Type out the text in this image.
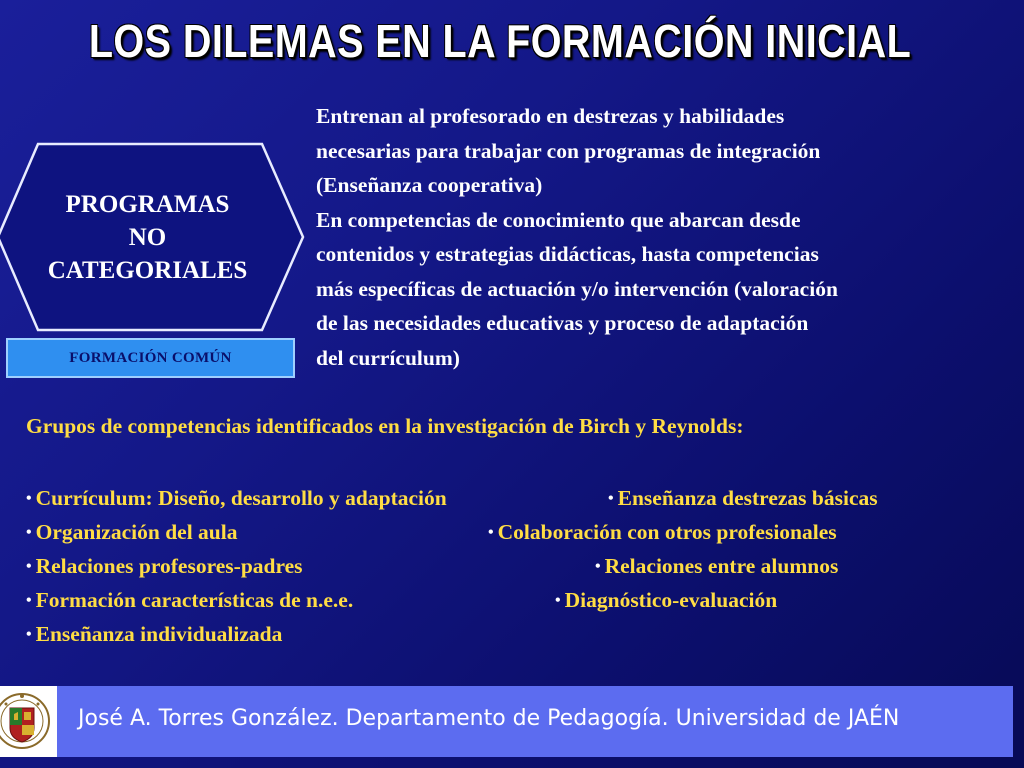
LOS DILEMAS EN LA FORMACIÓN INICIAL
PROGRAMAS
NO
CATEGORIALES
FORMACIÓN COMÚN
Entrenan al profesorado en destrezas y habilidades
necesarias para trabajar con programas de integración
(Enseñanza cooperativa)
En competencias de conocimiento que abarcan desde
contenidos y estrategias didácticas, hasta competencias
más específicas de actuación y/o intervención (valoración
de las necesidades educativas y proceso de adaptación
del currículum)
Grupos de competencias identificados en la investigación de Birch y Reynolds:
• Currículum: Diseño, desarrollo y adaptación	• Enseñanza destrezas básicas
• Organización del aula	• Colaboración con otros profesionales
• Relaciones profesores-padres	• Relaciones entre alumnos
• Formación características de n.e.e.	• Diagnóstico-evaluación
• Enseñanza individualizada
José A. Torres González. Departamento de Pedagogía. Universidad de JAÉN
